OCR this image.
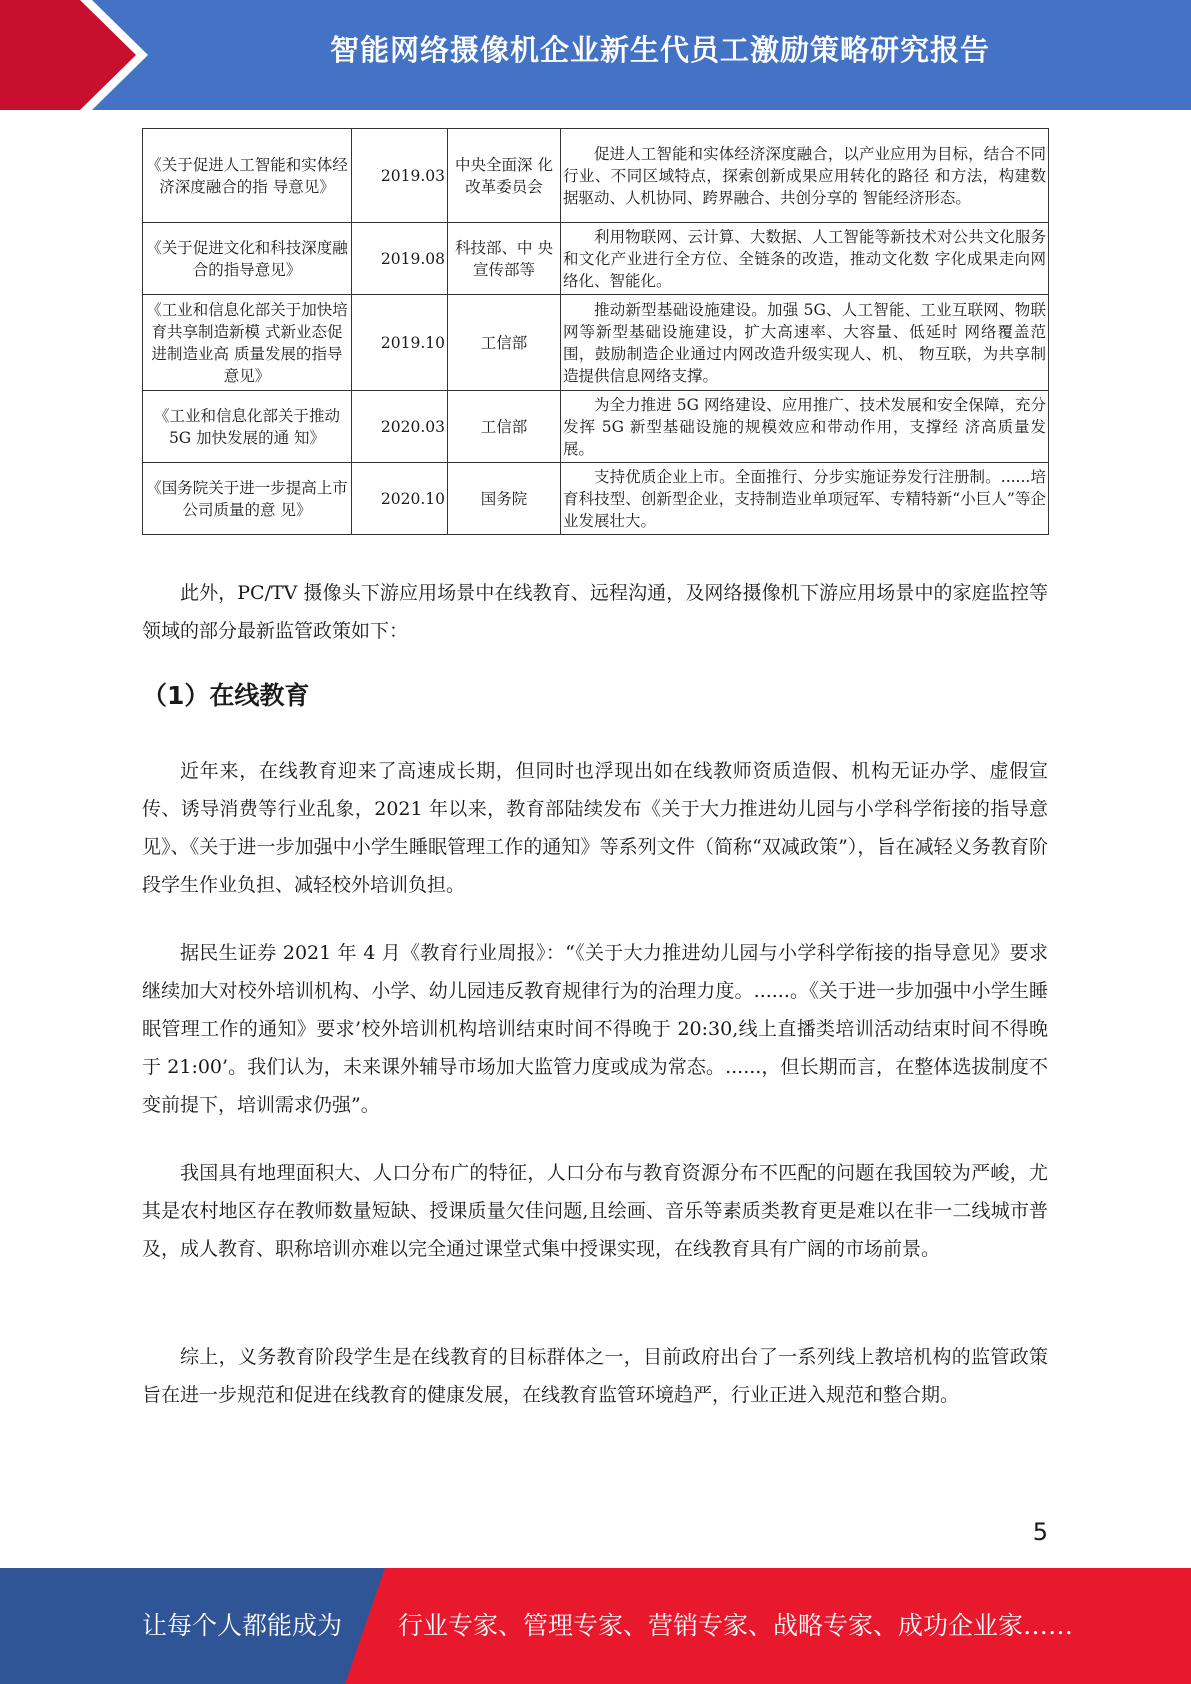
智能网络摄像机企业新生代员工激励策略研究报告
《关于促进人工智能和实体经济深度融合的指 导意见》	2019.03	中央全面深 化改革委员会	促进人工智能和实体经济深度融合，以产业应用为目标，结合不同行业、不同区域特点，探索创新成果应用转化的路径 和方法，构建数据驱动、人机协同、跨界融合、共创分享的 智能经济形态。
《关于促进文化和科技深度融合的指导意见》	2019.08	科技部、中 央宣传部等	利用物联网、云计算、大数据、人工智能等新技术对公共文化服务和文化产业进行全方位、全链条的改造，推动文化数 字化成果走向网络化、智能化。
《工业和信息化部关于加快培育共享制造新模 式新业态促进制造业高 质量发展的指导意见》	2019.10	工信部	推动新型基础设施建设。加强 5G、人工智能、工业互联网、物联网等新型基础设施建设，扩大高速率、大容量、低延时 网络覆盖范围，鼓励制造企业通过内网改造升级实现人、机、 物互联，为共享制造提供信息网络支撑。
《工业和信息化部关于推动 5G 加快发展的通 知》	2020.03	工信部	为全力推进 5G 网络建设、应用推广、技术发展和安全保障，充分发挥 5G 新型基础设施的规模效应和带动作用，支撑经 济高质量发展。
《国务院关于进一步提高上市公司质量的意 见》	2020.10	国务院	支持优质企业上市。全面推行、分步实施证券发行注册制。......培育科技型、创新型企业，支持制造业单项冠军、专精特新“小巨人”等企业发展壮大。

此外，PC/TV 摄像头下游应用场景中在线教育、远程沟通，及网络摄像机下游应用场景中的家庭监控等领域的部分最新监管政策如下：

（1）在线教育

近年来，在线教育迎来了高速成长期，但同时也浮现出如在线教师资质造假、机构无证办学、虚假宣传、诱导消费等行业乱象，2021 年以来，教育部陆续发布《关于大力推进幼儿园与小学科学衔接的指导意见》、《关于进一步加强中小学生睡眠管理工作的通知》等系列文件（简称“双减政策”），旨在减轻义务教育阶段学生作业负担、减轻校外培训负担。

据民生证券 2021 年 4 月《教育行业周报》：“《关于大力推进幼儿园与小学科学衔接的指导意见》要求继续加大对校外培训机构、小学、幼儿园违反教育规律行为的治理力度。......。《关于进一步加强中小学生睡眠管理工作的通知》要求’校外培训机构培训结束时间不得晚于 20:30,线上直播类培训活动结束时间不得晚于 21:00’。我们认为，未来课外辅导市场加大监管力度或成为常态。......，但长期而言，在整体选拔制度不变前提下，培训需求仍强”。

我国具有地理面积大、人口分布广的特征，人口分布与教育资源分布不匹配的问题在我国较为严峻，尤其是农村地区存在教师数量短缺、授课质量欠佳问题,且绘画、音乐等素质类教育更是难以在非一二线城市普及，成人教育、职称培训亦难以完全通过课堂式集中授课实现，在线教育具有广阔的市场前景。

综上，义务教育阶段学生是在线教育的目标群体之一，目前政府出台了一系列线上教培机构的监管政策旨在进一步规范和促进在线教育的健康发展，在线教育监管环境趋严，行业正进入规范和整合期。

5
让每个人都能成为 行业专家、管理专家、营销专家、战略专家、成功企业家……
